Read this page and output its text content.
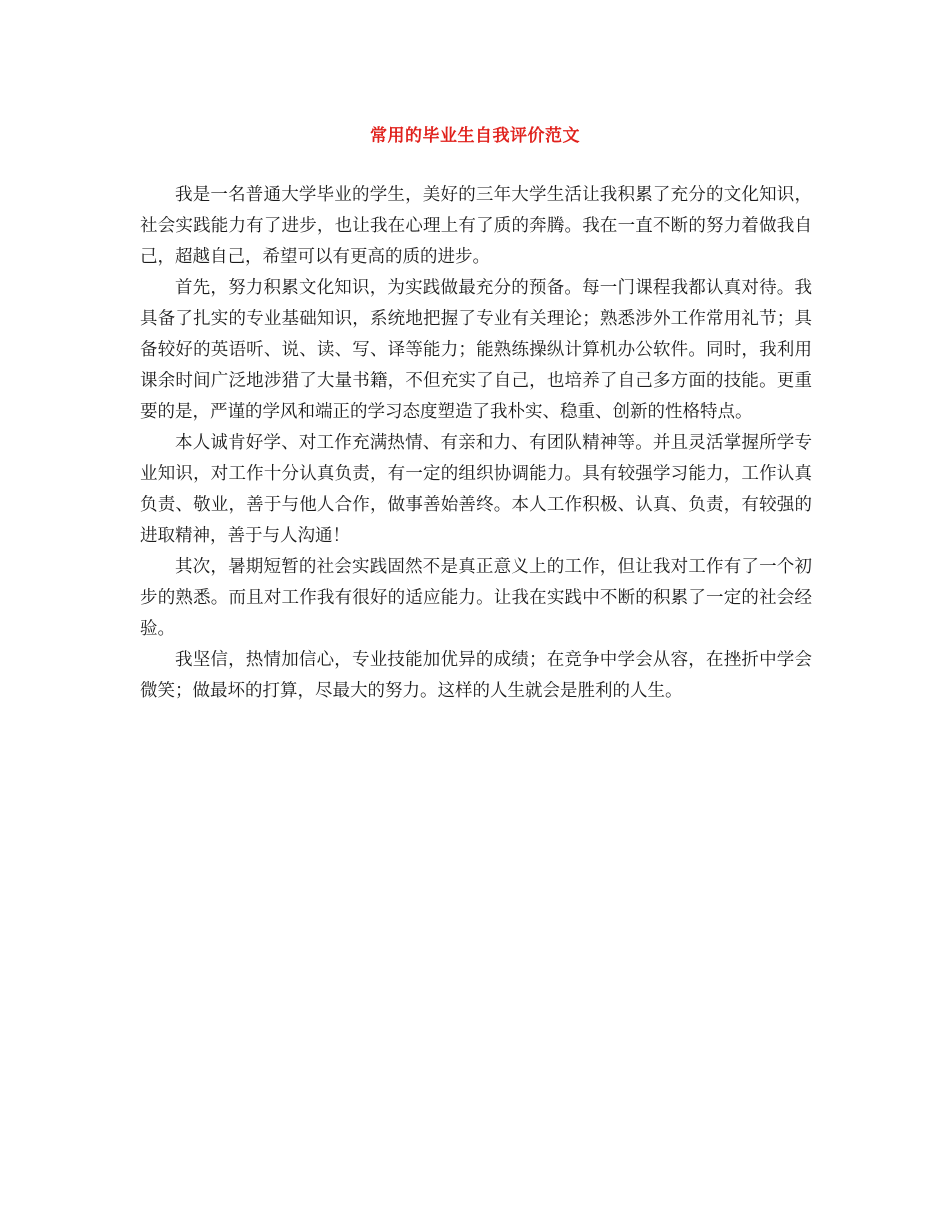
常用的毕业生自我评价范文

我是一名普通大学毕业的学生，美好的三年大学生活让我积累了充分的文化知识，社会实践能力有了进步，也让我在心理上有了质的奔腾。我在一直不断的努力着做我自己，超越自己，希望可以有更高的质的进步。

首先，努力积累文化知识，为实践做最充分的预备。每一门课程我都认真对待。我具备了扎实的专业基础知识，系统地把握了专业有关理论；熟悉涉外工作常用礼节；具备较好的英语听、说、读、写、译等能力；能熟练操纵计算机办公软件。同时，我利用课余时间广泛地涉猎了大量书籍，不但充实了自己，也培养了自己多方面的技能。更重要的是，严谨的学风和端正的学习态度塑造了我朴实、稳重、创新的性格特点。

本人诚肯好学、对工作充满热情、有亲和力、有团队精神等。并且灵活掌握所学专业知识，对工作十分认真负责，有一定的组织协调能力。具有较强学习能力，工作认真负责、敬业，善于与他人合作，做事善始善终。本人工作积极、认真、负责，有较强的进取精神，善于与人沟通！

其次，暑期短暂的社会实践固然不是真正意义上的工作，但让我对工作有了一个初步的熟悉。而且对工作我有很好的适应能力。让我在实践中不断的积累了一定的社会经验。

我坚信，热情加信心，专业技能加优异的成绩；在竞争中学会从容，在挫折中学会微笑；做最坏的打算，尽最大的努力。这样的人生就会是胜利的人生。
